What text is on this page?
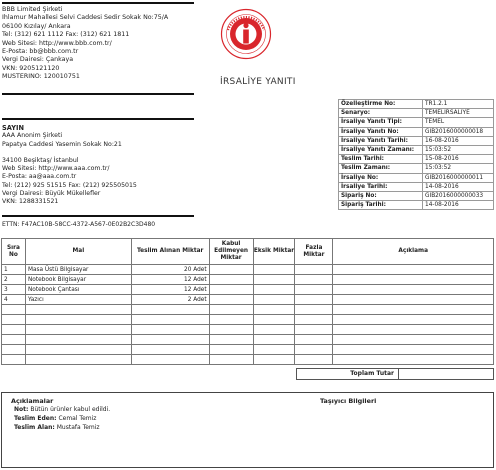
BBB Limited Şirketi
Ihlamur Mahallesi Selvi Caddesi Sedir Sokak No:75/A
06100 Kızılay/ Ankara
Tel: (312) 621 1112 Fax: (312) 621 1811
Web Sitesi: http://www.bbb.com.tr/
E-Posta: bb@bbb.com.tr
Vergi Dairesi: Çankaya
VKN: 9205121120
MUSTERINO: 120010751
İRSALİYE YANITI
SAYIN
AAA Anonim Şirketi
Papatya Caddesi Yasemin Sokak No:21
34100 Beşiktaş/ İstanbul
Web Sitesi: http://www.aaa.com.tr/
E-Posta: aa@aaa.com.tr
Tel: (212) 925 51515 Fax: (212) 925505015
Vergi Dairesi: Büyük Mükellefler
VKN: 1288331521
Özelleştirme No:	TR1.2.1
Senaryo:	TEMELIRSALIYE
İrsaliye Yanıtı Tipi:	TEMEL
İrsaliye Yanıtı No:	GIB2016000000018
İrsaliye Yanıtı Tarihi:	16-08-2016
İrsaliye Yanıtı Zamanı:	15:03:52
Teslim Tarihi:	15-08-2016
Teslim Zamanı:	15:03:52
İrsaliye No:	GIB2016000000011
İrsaliye Tarihi:	14-08-2016
Sipariş No:	GIB2016000000033
Sipariş Tarihi:	14-08-2016
ETTN: F47AC10B-58CC-4372-A567-0E02B2C3D480
Sıra No	Mal	Teslim Alınan Miktar	Kabul Edilmeyen Miktar	Eksik Miktar	Fazla Miktar	Açıklama
1	Masa Üstü Bilgisayar	20 Adet				
2	Notebook Bilgisayar	12 Adet				
3	Notebook Çantası	12 Adet				
4	Yazıcı	2 Adet				

Toplam Tutar
Açıklamalar	Taşıyıcı Bilgileri
Not: Bütün ürünler kabul edildi.
Teslim Eden: Cemal Temiz
Teslim Alan: Mustafa Temiz
